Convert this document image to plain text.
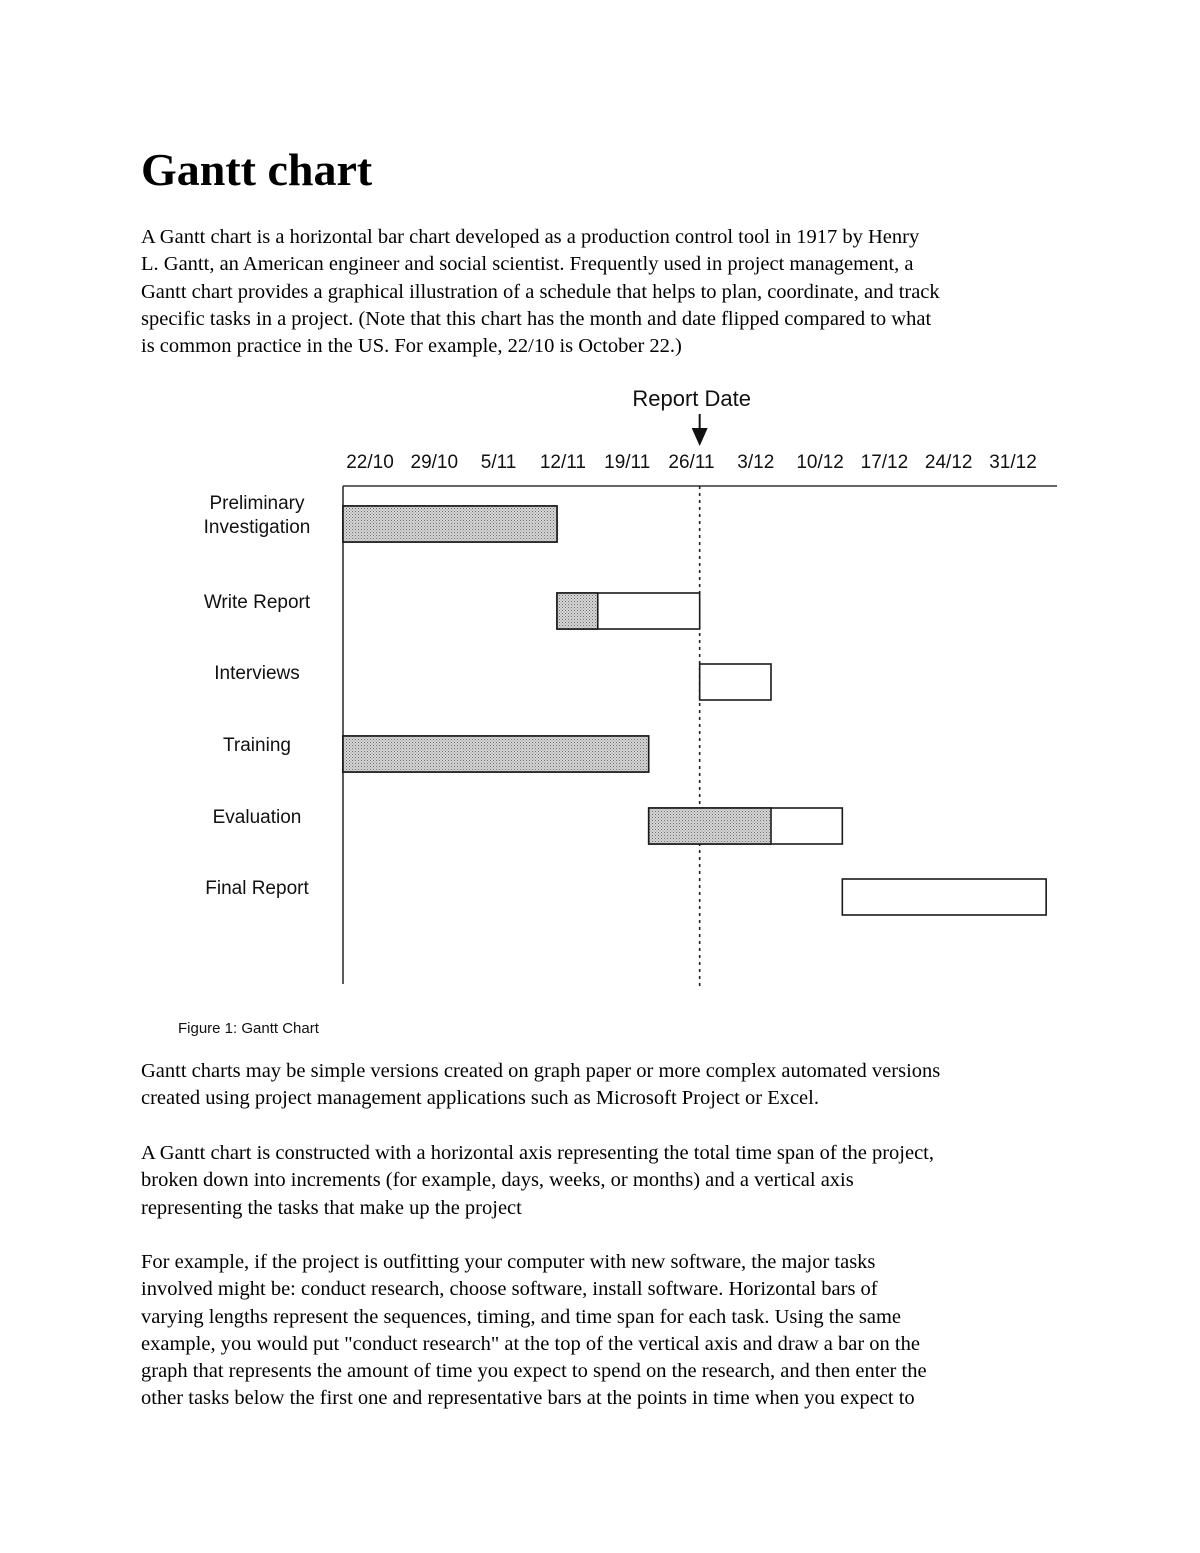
Gantt chart

A Gantt chart is a horizontal bar chart developed as a production control tool in 1917 by Henry
L. Gantt, an American engineer and social scientist. Frequently used in project management, a
Gantt chart provides a graphical illustration of a schedule that helps to plan, coordinate, and track
specific tasks in a project. (Note that this chart has the month and date flipped compared to what
is common practice in the US. For example, 22/10 is October 22.)

Gantt charts may be simple versions created on graph paper or more complex automated versions
created using project management applications such as Microsoft Project or Excel.

A Gantt chart is constructed with a horizontal axis representing the total time span of the project,
broken down into increments (for example, days, weeks, or months) and a vertical axis
representing the tasks that make up the project

For example, if the project is outfitting your computer with new software, the major tasks
involved might be: conduct research, choose software, install software. Horizontal bars of
varying lengths represent the sequences, timing, and time span for each task. Using the same
example, you would put "conduct research" at the top of the vertical axis and draw a bar on the
graph that represents the amount of time you expect to spend on the research, and then enter the
other tasks below the first one and representative bars at the points in time when you expect to

22/10 29/10 5/11 12/11 19/11 26/11 3/12 10/12 17/12 24/12 31/12
Report Date
Preliminary
Investigation
Write Report
Interviews
Training
Evaluation
Final Report
Figure 1: Gantt Chart
